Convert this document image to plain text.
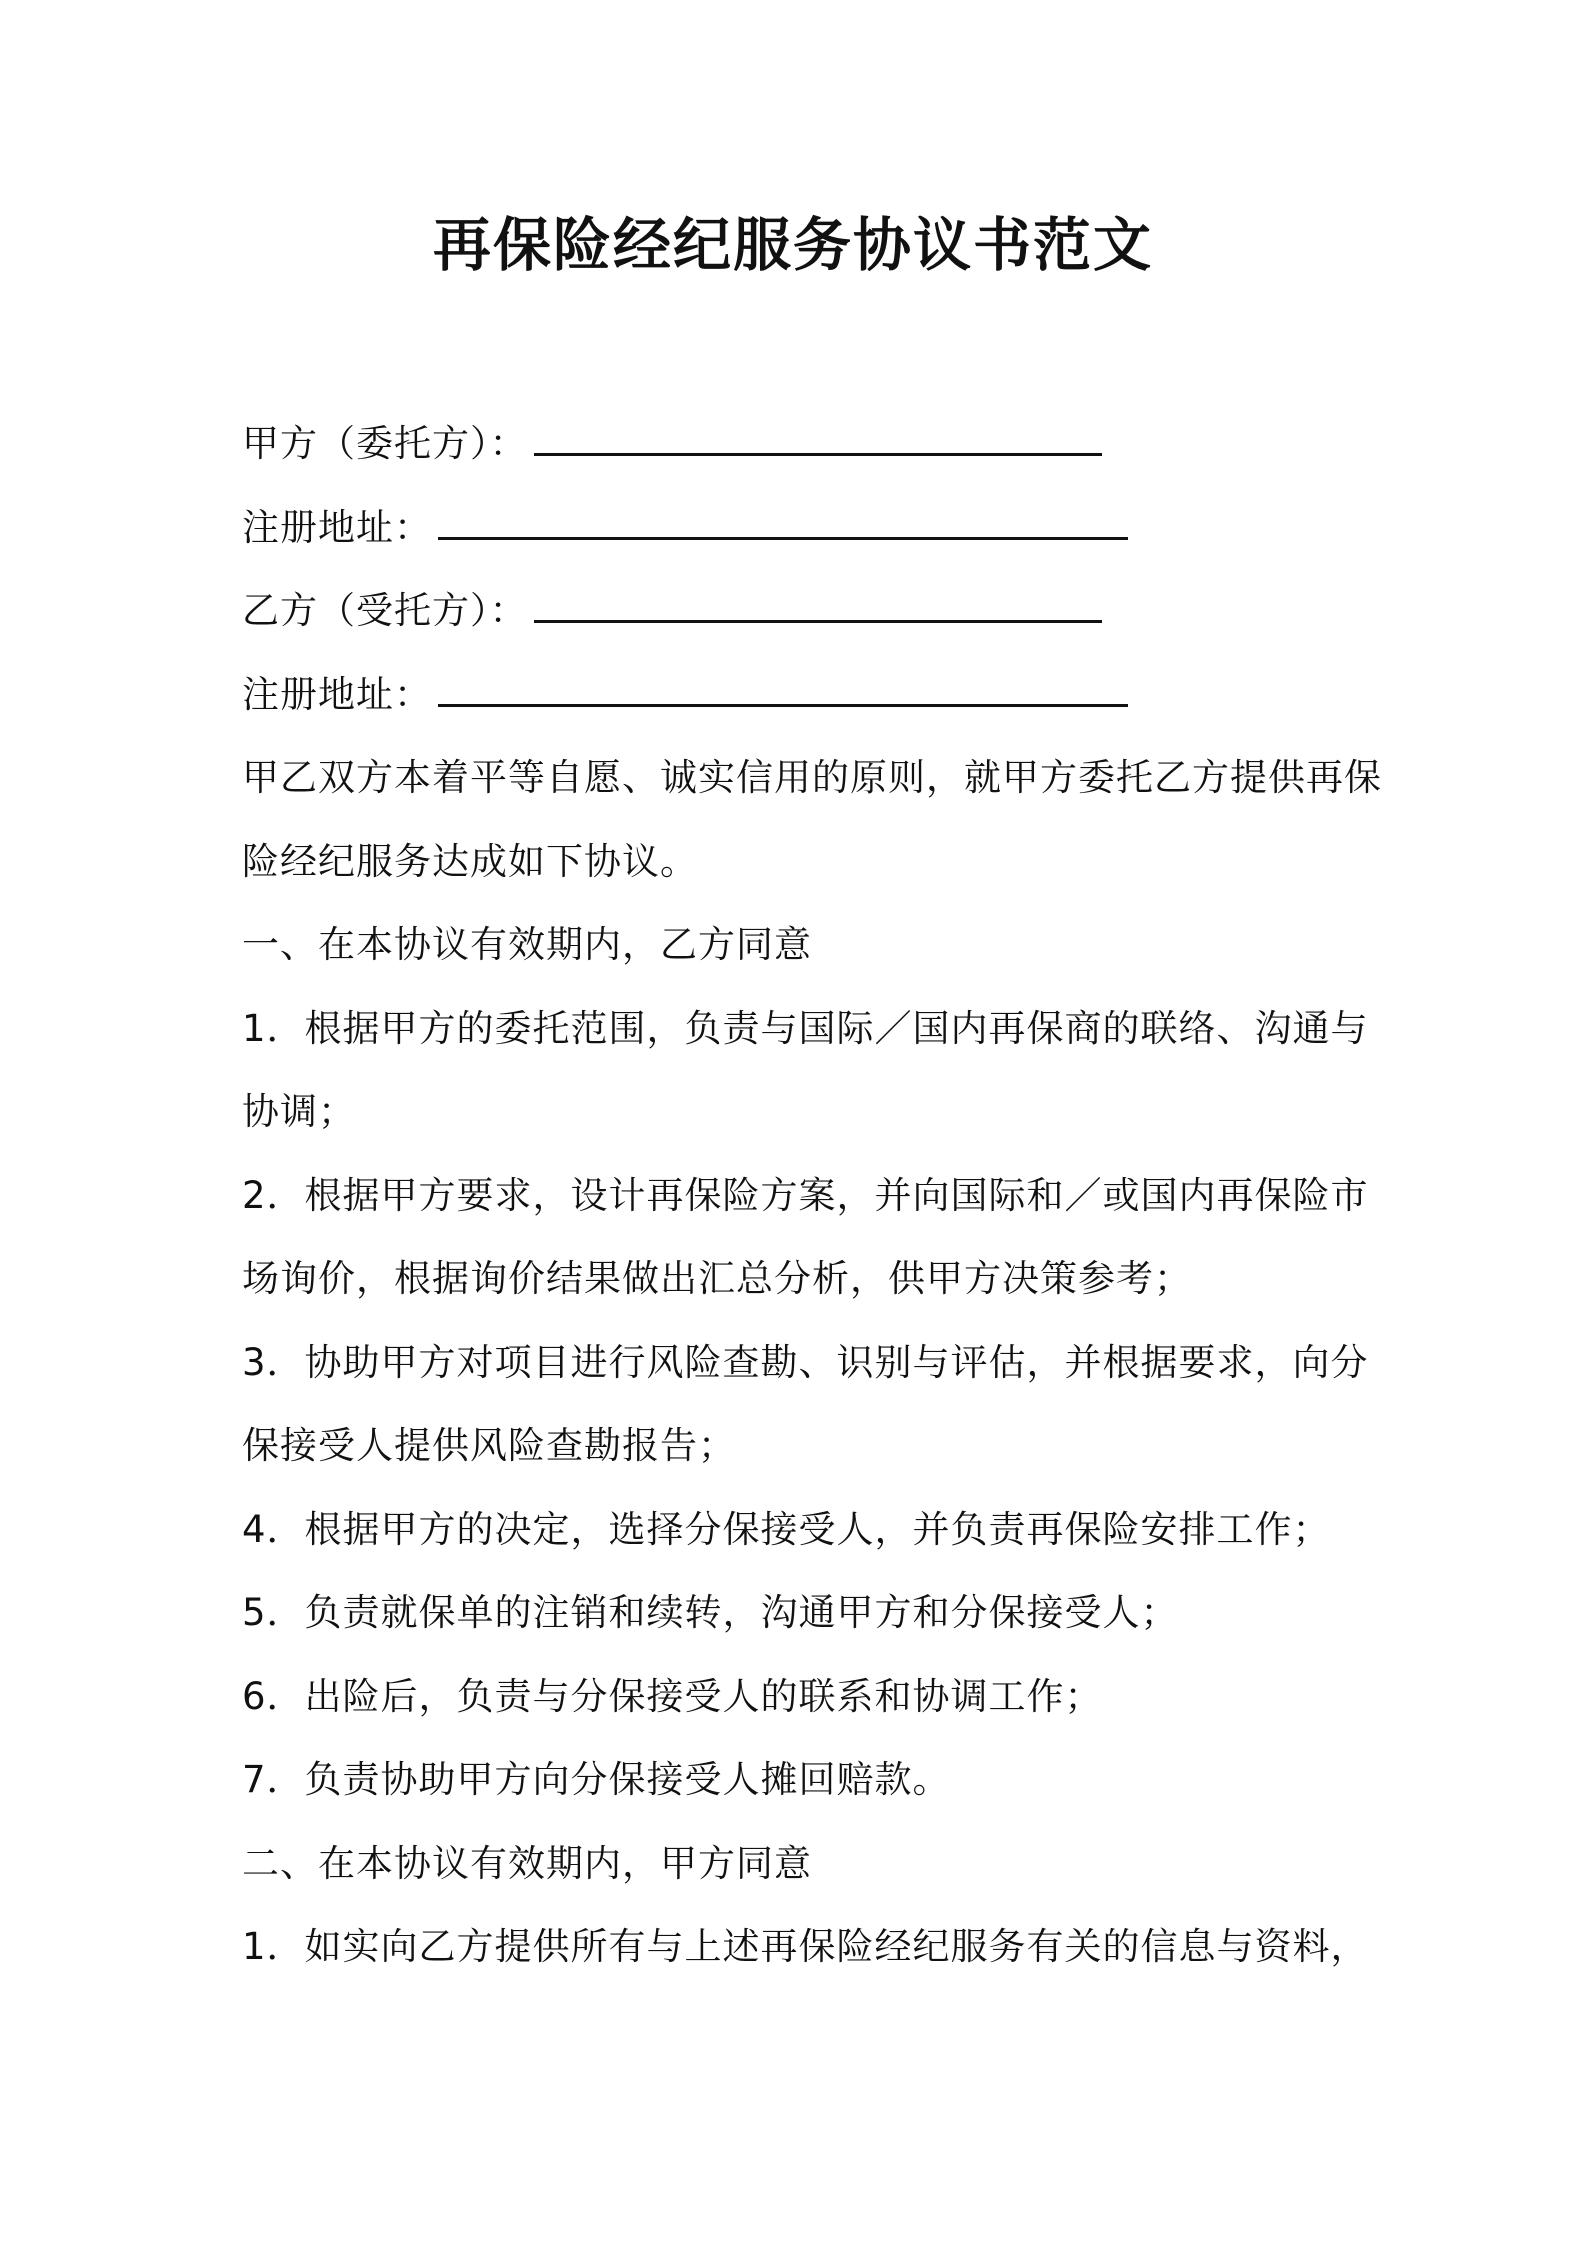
再保险经纪服务协议书范文
甲方（委托方）：
注册地址：
乙方（受托方）：
注册地址：
甲乙双方本着平等自愿、诚实信用的原则，就甲方委托乙方提供再保
险经纪服务达成如下协议。
一、在本协议有效期内，乙方同意
1．根据甲方的委托范围，负责与国际／国内再保商的联络、沟通与
协调；
2．根据甲方要求，设计再保险方案，并向国际和／或国内再保险市
场询价，根据询价结果做出汇总分析，供甲方决策参考；
3．协助甲方对项目进行风险查勘、识别与评估，并根据要求，向分
保接受人提供风险查勘报告；
4．根据甲方的决定，选择分保接受人，并负责再保险安排工作；
5．负责就保单的注销和续转，沟通甲方和分保接受人；
6．出险后，负责与分保接受人的联系和协调工作；
7．负责协助甲方向分保接受人摊回赔款。
二、在本协议有效期内，甲方同意
1．如实向乙方提供所有与上述再保险经纪服务有关的信息与资料，
